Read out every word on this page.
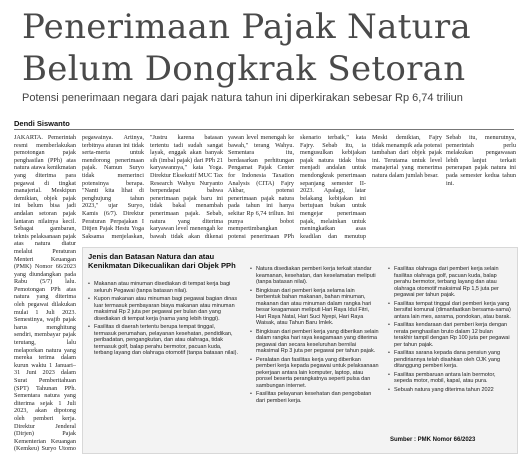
Penerimaan Pajak Natura Belum Dongkrak Setoran
Potensi penerimaan negara dari pajak natura tahun ini diperkirakan sebesar Rp 6,74 triliun
Dendi Siswanto

JAKARTA. Pemerintah resmi memberlakukan pemotongan pajak penghasilan (PPh) atas natura atawa kenikmatan yang diterima para pegawai di tingkat manajerial. Meskipun demikian, objek pajak ini belum bisa jadi andalan setoran pajak lantaran nilainya kecil. Sebagai gambaran, teknis pelaksanaan pajak atas natura diatur melalui Peraturan Menteri Keuangan (PMK) Nomor 66/2023 yang diundangkan pada Rabu (5/7) lalu. Pemotongan PPh atas natura yang diterima oleh pegawai dilakukan mulai 1 Juli 2023. Semestinya, wajib pajak harus menghitung sendiri, membayar pajak terutang, lalu melaporkan natura yang mereka terima dalam kurun waktu 1 Januari–31 Juni 2023 dalam Surat Pemberitahuan (SPT) Tahunan PPh. Sementara natura yang diterima sejak 1 Juli 2023, akan dipotong oleh pemberi kerja. Direktur Jenderal (Dirjen) Pajak Kementerian Keuangan (Kemkeu) Suryo Utomo

pegawainya. Artinya, terbitnya aturan ini tidak serta-merta untuk mendorong penerimaan pajak. Namun Suryo tidak memerinci potensinya berapa. "Nanti kita lihat di penghujung tahun 2023," ujar Suryo, Kamis (6/7). Direktur Peraturan Perpajakan I Ditjen Pajak Hestu Yoga Saksama menjelaskan,

"Justru karena batasan tertentu tadi sudah sangat layak, enggak akan banyak sih (imbal pajak) dari PPh 21 karyawannya," kata Yoga. Direktur Eksekutif MUC Tax Research Wahyu Nuryanto berpendapat bahwa penerimaan pajak baru ini tidak bakal menambah penerimaan pajak. Sebab, natura yang diterima karyawan level menengah ke bawah tidak akan dikenai

yawan level menengah ke bawah," terang Wahyu. Sementara itu, berdasarkan perhitungan Pengamat Pajak Center for Indonesia Taxation Analysis (CITA) Fajry Akbar, potensi penerimaan pajak natura pada tahun ini hanya sekitar Rp 6,74 triliun. Ini punya bobot mempertimbangkan potensi penerimaan PPh

skenario terbaik," kata Fajry. Sebab itu, ia mengusulkan kebijakan pajak natura tidak bisa menjadi andalan untuk mendongkrak penerimaan sepanjang semester II-2023. Apalagi, latar belakang kebijakan ini bertujuan bukan untuk mengejar penerimaan pajak, melainkan untuk meningkatkan asas keadilan dan menutup

Meski demikian, Fajry tidak menampik ada potensi tambahan dari objek pajak ini. Terutama untuk level manajerial yang menerima natura dalam jumlah besar.

Sebab itu, menurutnya, pemerintah perlu melakukan pengawasan lebih lanjut terkait penerapan pajak natura ini pada semester kedua tahun ini.

Jenis dan Batasan Natura dan atau Kenikmatan Dikecualikan dari Objek PPh
• Makanan atau minuman disediakan di tempat kerja bagi seluruh Pegawai (tanpa batasan nilai).
• Kupon makanan atau minuman bagi pegawai bagian dinas luar termasuk pembayaran biaya makanan atau minuman maksimal Rp 2 juta per pegawai per bulan dan yang disediakan di tempat kerja (nama yang lebih tinggi).
• Fasilitas di daerah tertentu berupa tempat tinggal, termasuk perumahan, pelayanan kesehatan, pendidikan, peribadatan, pengangkutan, dan atau olahraga, tidak termasuk golf, balap perahu bermotor, pacuan kuda, terbang layang dan olahraga otomotif (tanpa batasan nilai).
• Natura disediakan pemberi kerja terkait standar keamanan, kesehatan, dan keselamatan meliputi (tanpa batasan nilai).
• Bingkisan dari pemberi kerja selama lain berbentuk bahan makanan, bahan minuman, makanan dan atau minuman dalam rangka hari besar keagamaan meliputi Hari Raya Idul Fitri, Hari Raya Natal, Hari Suci Nyepi, Hari Raya Waisak, atau Tahun Baru Imlek.
• Bingkisan dari pemberi kerja yang diberikan selain dalam rangka hari raya keagamaan yang diterima pegawai dan secara keseluruhan bernilai maksimal Rp 3 juta per pegawai per tahun pajak.
• Peralatan dan fasilitas kerja yang diberikan pemberi kerja kepada pegawai untuk pelaksanaan pekerjaan antara lain komputer, laptop, atau ponsel beserta perangkatnya seperti pulsa dan sambungan internet.
• Fasilitas pelayanan kesehatan dan pengobatan dari pemberi kerja.
• Fasilitas olahraga dari pemberi kerja selain fasilitas olahraga golf, pacuan kuda, balap perahu bermotor, terbang layang dan atau olahraga otomotif maksimal Rp 1,5 juta per pegawai per tahun pajak.
• Fasilitas tempat tinggal dari pemberi kerja yang bersifat komunal (dimanfaatkan bersama-sama) antara lain mes, asrama, pondokan, atau barak.
• Fasilitas kendaraan dari pemberi kerja dengan rerata penghasilan bruto dalam 12 bulan terakhir tampil dengan Rp 100 juta per pegawai per tahun pajak.
• Fasilitas sarana kepada dana pensiun yang pendiriannya telah disahkan oleh OJK yang ditanggung pemberi kerja.
• Fasilitas pembaruan antara lain bermotor, sepeda motor, mobil, kapal, atau pura.
• Sebuah natura yang diterima tahun 2022
Sumber : PMK Nomor 66/2023
